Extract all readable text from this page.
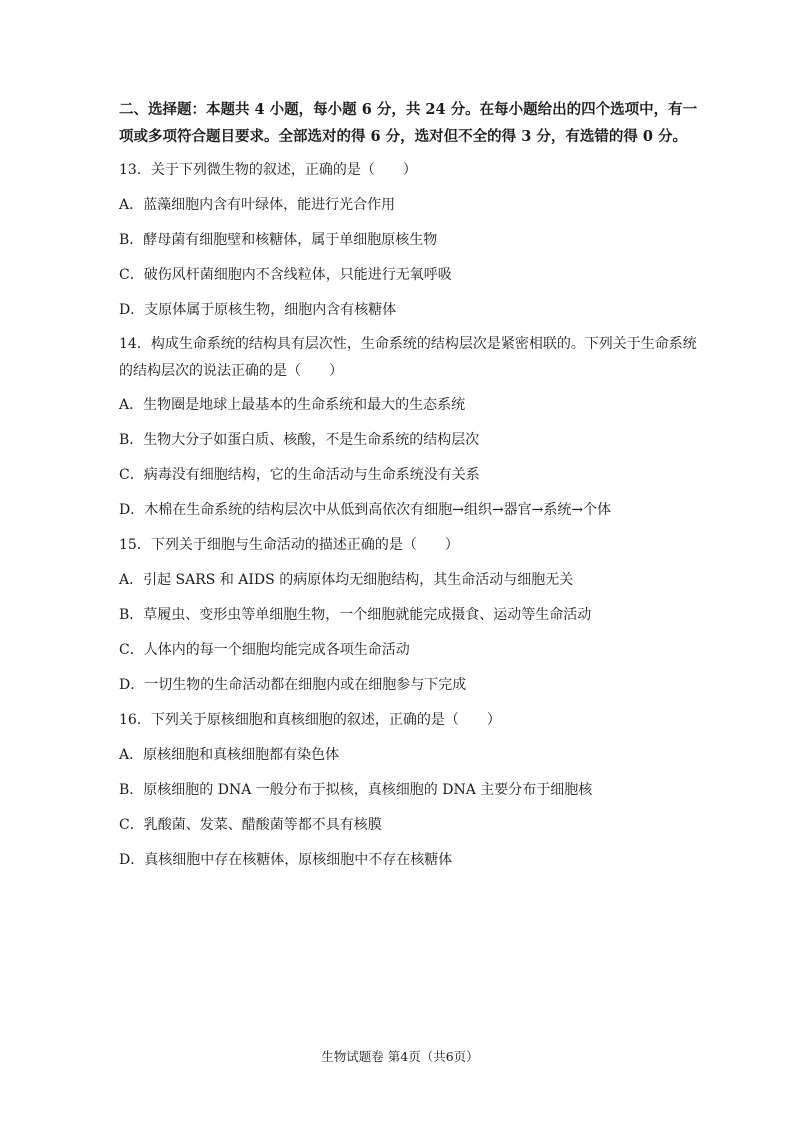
二、选择题：本题共 4 小题，每小题 6 分，共 24 分。在每小题给出的四个选项中，有一项或多项符合题目要求。全部选对的得 6 分，选对但不全的得 3 分，有选错的得 0 分。
13．关于下列微生物的叙述，正确的是（　　）
A．蓝藻细胞内含有叶绿体，能进行光合作用
B．酵母菌有细胞壁和核糖体，属于单细胞原核生物
C．破伤风杆菌细胞内不含线粒体，只能进行无氧呼吸
D．支原体属于原核生物，细胞内含有核糖体
14．构成生命系统的结构具有层次性，生命系统的结构层次是紧密相联的。下列关于生命系统的结构层次的说法正确的是（　　）
A．生物圈是地球上最基本的生命系统和最大的生态系统
B．生物大分子如蛋白质、核酸，不是生命系统的结构层次
C．病毒没有细胞结构，它的生命活动与生命系统没有关系
D．木棉在生命系统的结构层次中从低到高依次有细胞→组织→器官→系统→个体
15．下列关于细胞与生命活动的描述正确的是（　　）
A．引起 SARS 和 AIDS 的病原体均无细胞结构，其生命活动与细胞无关
B．草履虫、变形虫等单细胞生物，一个细胞就能完成摄食、运动等生命活动
C．人体内的每一个细胞均能完成各项生命活动
D．一切生物的生命活动都在细胞内或在细胞参与下完成
16．下列关于原核细胞和真核细胞的叙述，正确的是（　　）
A．原核细胞和真核细胞都有染色体
B．原核细胞的 DNA 一般分布于拟核，真核细胞的 DNA 主要分布于细胞核
C．乳酸菌、发菜、醋酸菌等都不具有核膜
D．真核细胞中存在核糖体，原核细胞中不存在核糖体
生物试题卷 第4页（共6页）
